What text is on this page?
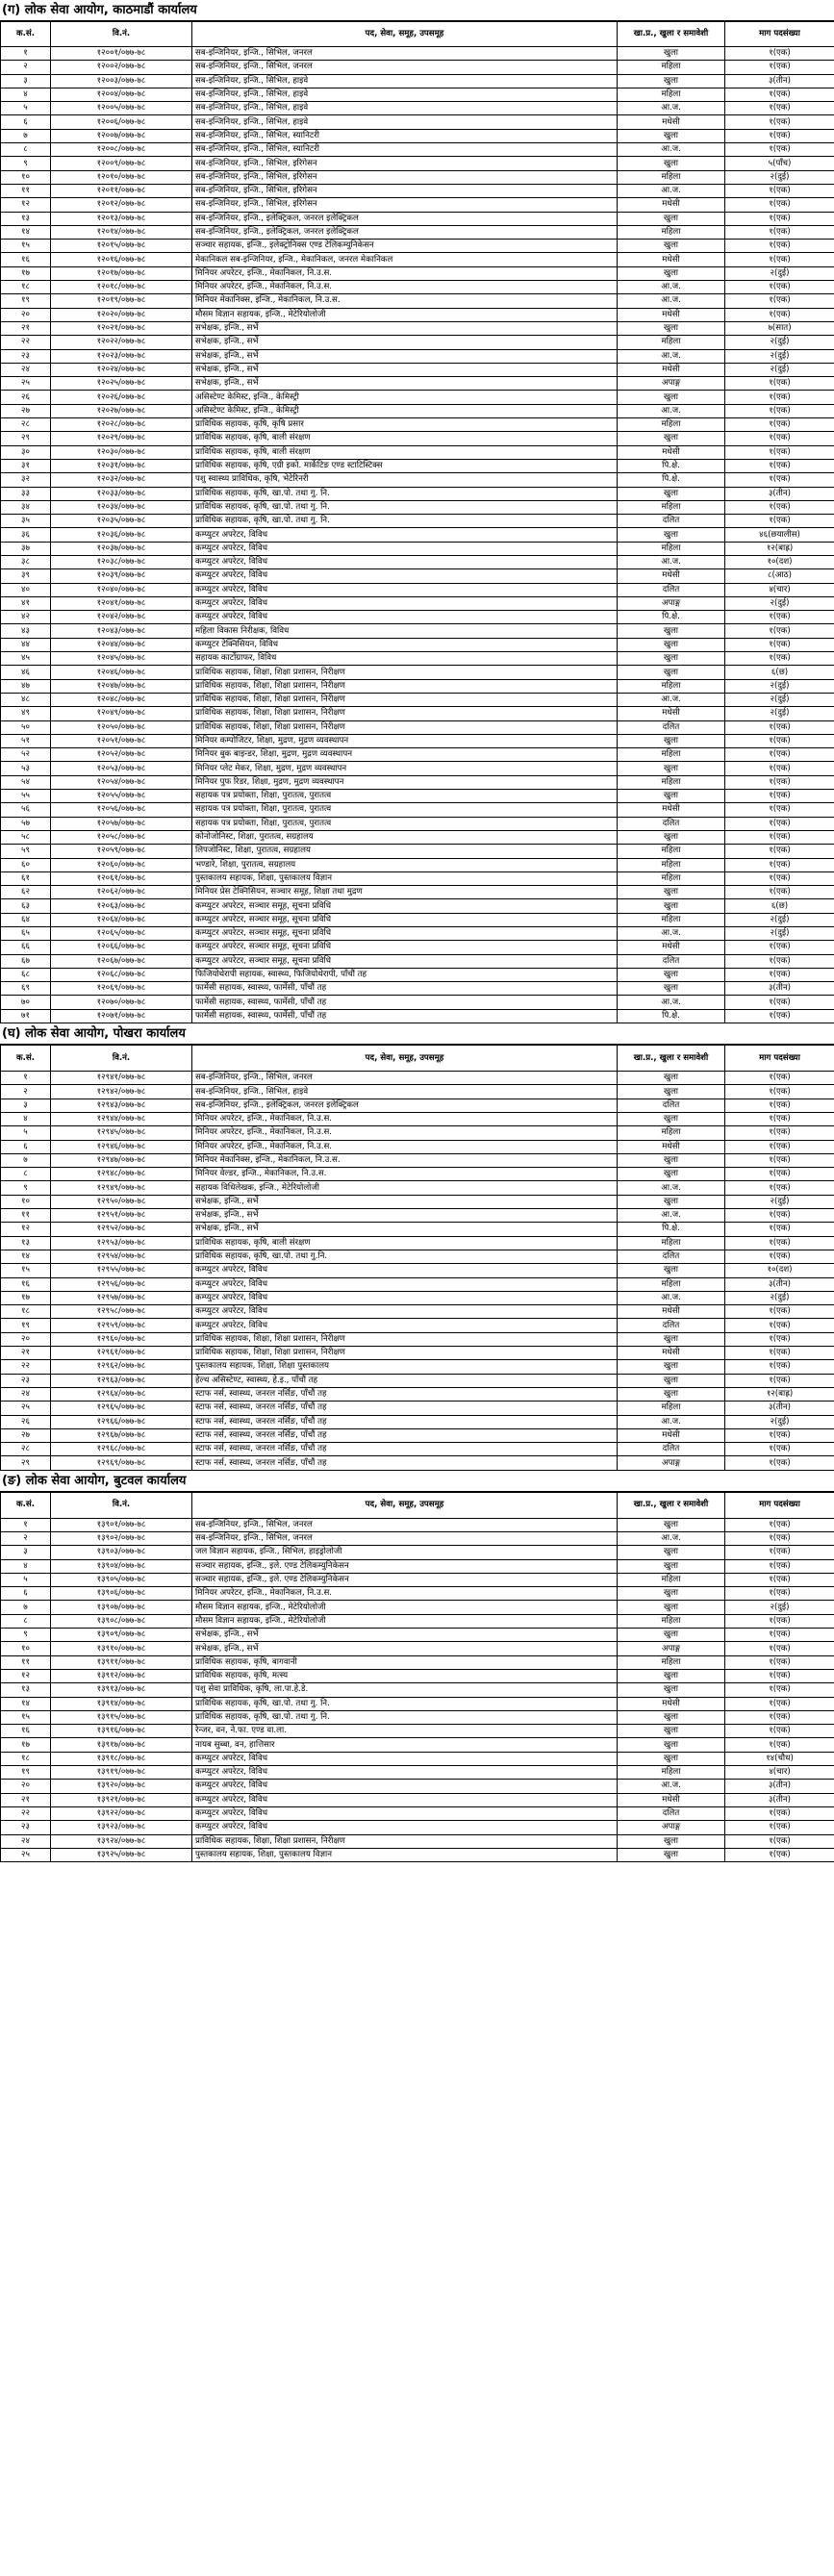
(ग) लोक सेवा आयोग, काठमाडौं कार्यालय
क.सं.	वि.नं.	पद, सेवा, समूह, उपसमूह	खा.प्र., खुला र समावेशी	माग पदसंख्या
१	१२००१/०७७-७८	सब-इन्जिनियर, इन्जि., सिभिल, जनरल	खुला	१(एक)
२	१२००२/०७७-७८	सब-इन्जिनियर, इन्जि., सिभिल, जनरल	महिला	१(एक)
३	१२००३/०७७-७८	सब-इन्जिनियर, इन्जि., सिभिल, हाइवे	खुला	३(तीन)
४	१२००४/०७७-७८	सब-इन्जिनियर, इन्जि., सिभिल, हाइवे	महिला	१(एक)
५	१२००५/०७७-७८	सब-इन्जिनियर, इन्जि., सिभिल, हाइवे	आ.ज.	१(एक)
६	१२००६/०७७-७८	सब-इन्जिनियर, इन्जि., सिभिल, हाइवे	मधेसी	१(एक)
७	१२००७/०७७-७८	सब-इन्जिनियर, इन्जि., सिभिल, स्यानिटरी	खुला	१(एक)
८	१२००८/०७७-७८	सब-इन्जिनियर, इन्जि., सिभिल, स्यानिटरी	आ.ज.	१(एक)
९	१२००९/०७७-७८	सब-इन्जिनियर, इन्जि., सिभिल, इरिगेसन	खुला	५(पाँच)
१०	१२०१०/०७७-७८	सब-इन्जिनियर, इन्जि., सिभिल, इरिगेसन	महिला	२(दुई)
११	१२०११/०७७-७८	सब-इन्जिनियर, इन्जि., सिभिल, इरिगेसन	आ.ज.	१(एक)
१२	१२०१२/०७७-७८	सब-इन्जिनियर, इन्जि., सिभिल, इरिगेसन	मधेसी	१(एक)
१३	१२०१३/०७७-७८	सब-इन्जिनियर, इन्जि., इलेक्ट्रिकल, जनरल इलेक्ट्रिकल	खुला	१(एक)
१४	१२०१४/०७७-७८	सब-इन्जिनियर, इन्जि., इलेक्ट्रिकल, जनरल इलेक्ट्रिकल	महिला	१(एक)
१५	१२०१५/०७७-७८	सञ्चार सहायक, इन्जि., इलेक्ट्रोनिक्स एण्ड टेलिकम्युनिकेसन	खुला	१(एक)
१६	१२०१६/०७७-७८	मेकानिकल सब-इन्जिनियर, इन्जि., मेकानिकल, जनरल मेकानिकल	मधेसी	१(एक)
१७	१२०१७/०७७-७८	मिनियर अपरेटर, इन्जि., मेकानिकल, नि.उ.स.	खुला	२(दुई)
१८	१२०१८/०७७-७८	मिनियर अपरेटर, इन्जि., मेकानिकल, नि.उ.स.	आ.ज.	१(एक)
१९	१२०१९/०७७-७८	मिनियर मेकानिक्स, इन्जि., मेकानिकल, नि.उ.स.	आ.ज.	१(एक)
२०	१२०२०/०७७-७८	मौसम विज्ञान सहायक, इन्जि., मेटेरियोलोजी	मधेसी	१(एक)
२१	१२०२१/०७७-७८	सभेक्षक, इन्जि., सर्भे	खुला	७(सात)
२२	१२०२२/०७७-७८	सभेक्षक, इन्जि., सर्भे	महिला	२(दुई)
२३	१२०२३/०७७-७८	सभेक्षक, इन्जि., सर्भे	आ.ज.	२(दुई)
२४	१२०२४/०७७-७८	सभेक्षक, इन्जि., सर्भे	मधेसी	२(दुई)
२५	१२०२५/०७७-७८	सभेक्षक, इन्जि., सर्भे	अपाङ्ग	१(एक)
२६	१२०२६/०७७-७८	असिस्टेण्ट केमिस्ट, इन्जि., केमिस्ट्री	खुला	१(एक)
२७	१२०२७/०७७-७८	असिस्टेण्ट केमिस्ट, इन्जि., केमिस्ट्री	आ.ज.	१(एक)
२८	१२०२८/०७७-७८	प्राविधिक सहायक, कृषि, कृषि प्रसार	महिला	१(एक)
२९	१२०२९/०७७-७८	प्राविधिक सहायक, कृषि, बाली संरक्षण	खुला	१(एक)
३०	१२०३०/०७७-७८	प्राविधिक सहायक, कृषि, बाली संरक्षण	मधेसी	१(एक)
३१	१२०३१/०७७-७८	प्राविधिक सहायक, कृषि, एग्री इको. मार्केटिङ एण्ड स्टाटिस्टिक्स	पि.क्षे.	१(एक)
३२	१२०३२/०७७-७८	पशु स्वास्थ्य प्राविधिक, कृषि, भेटेरिनरी	पि.क्षे.	१(एक)
३३	१२०३३/०७७-७८	प्राविधिक सहायक, कृषि, खा.पो. तथा गु. नि.	खुला	३(तीन)
३४	१२०३४/०७७-७८	प्राविधिक सहायक, कृषि, खा.पो. तथा गु. नि.	महिला	१(एक)
३५	१२०३५/०७७-७८	प्राविधिक सहायक, कृषि, खा.पो. तथा गु. नि.	दलित	१(एक)
३६	१२०३६/०७७-७८	कम्प्युटर अपरेटर, विविध	खुला	४६(छयालीस)
३७	१२०३७/०७७-७८	कम्प्युटर अपरेटर, विविध	महिला	१२(बाह्र)
३८	१२०३८/०७७-७८	कम्प्युटर अपरेटर, विविध	आ.ज.	१०(दश)
३९	१२०३९/०७७-७८	कम्प्युटर अपरेटर, विविध	मधेसी	८(आठ)
४०	१२०४०/०७७-७८	कम्प्युटर अपरेटर, विविध	दलित	४(चार)
४१	१२०४१/०७७-७८	कम्प्युटर अपरेटर, विविध	अपाङ्ग	२(दुई)
४२	१२०४२/०७७-७८	कम्प्युटर अपरेटर, विविध	पि.क्षे.	१(एक)
४३	१२०४३/०७७-७८	महिला विकास निरीक्षक, विविध	खुला	१(एक)
४४	१२०४४/०७७-७८	कम्प्युटर टेक्निसियन, विविध	खुला	१(एक)
४५	१२०४५/०७७-७८	सहायक कार्टोग्राफर, विविध	खुला	१(एक)
४६	१२०४६/०७७-७८	प्राविधिक सहायक, शिक्षा, शिक्षा प्रशासन, निरीक्षण	खुला	६(छ)
४७	१२०४७/०७७-७८	प्राविधिक सहायक, शिक्षा, शिक्षा प्रशासन, निरीक्षण	महिला	२(दुई)
४८	१२०४८/०७७-७८	प्राविधिक सहायक, शिक्षा, शिक्षा प्रशासन, निरीक्षण	आ.ज.	२(दुई)
४९	१२०४९/०७७-७८	प्राविधिक सहायक, शिक्षा, शिक्षा प्रशासन, निरीक्षण	मधेसी	२(दुई)
५०	१२०५०/०७७-७८	प्राविधिक सहायक, शिक्षा, शिक्षा प्रशासन, निरीक्षण	दलित	१(एक)
५१	१२०५१/०७७-७८	मिनियर कम्पोजिटर, शिक्षा, मुद्रण, मुद्रण व्यवस्थापन	खुला	१(एक)
५२	१२०५२/०७७-७८	मिनियर बुक बाइन्डर, शिक्षा, मुद्रण, मुद्रण व्यवस्थापन	महिला	१(एक)
५३	१२०५३/०७७-७८	मिनियर प्लेट मेकर, शिक्षा, मुद्रण, मुद्रण व्यवस्थापन	खुला	१(एक)
५४	१२०५४/०७७-७८	मिनियर पुफ रिडर, शिक्षा, मुद्रण, मुद्रण व्यवस्थापन	महिला	१(एक)
५५	१२०५५/०७७-७८	सहायक पत्र प्रयोक्ता, शिक्षा, पुरातत्व, पुरातत्व	खुला	१(एक)
५६	१२०५६/०७७-७८	सहायक पत्र प्रयोक्ता, शिक्षा, पुरातत्व, पुरातत्व	मधेसी	१(एक)
५७	१२०५७/०७७-७८	सहायक पत्र प्रयोक्ता, शिक्षा, पुरातत्व, पुरातत्व	दलित	१(एक)
५८	१२०५८/०७७-७८	कोनोजोनिस्ट, शिक्षा, पुरातत्व, सग्रहालय	खुला	१(एक)
५९	१२०५९/०७७-७८	लिपजोनिस्ट, शिक्षा, पुरातत्व, सग्रहालय	महिला	१(एक)
६०	१२०६०/०७७-७८	भण्डारे, शिक्षा, पुरातत्व, सग्रहालय	महिला	१(एक)
६१	१२०६१/०७७-७८	पुस्तकालय सहायक, शिक्षा, पुस्तकालय विज्ञान	महिला	१(एक)
६२	१२०६२/०७७-७८	मिनियर प्रेस टेक्निसियन, सञ्चार समूह, शिक्षा तथा मुद्रण	खुला	१(एक)
६३	१२०६३/०७७-७८	कम्प्युटर अपरेटर, सञ्चार समूह, सूचना प्रविधि	खुला	६(छ)
६४	१२०६४/०७७-७८	कम्प्युटर अपरेटर, सञ्चार समूह, सूचना प्रविधि	महिला	२(दुई)
६५	१२०६५/०७७-७८	कम्प्युटर अपरेटर, सञ्चार समूह, सूचना प्रविधि	आ.ज.	२(दुई)
६६	१२०६६/०७७-७८	कम्प्युटर अपरेटर, सञ्चार समूह, सूचना प्रविधि	मधेसी	१(एक)
६७	१२०६७/०७७-७८	कम्प्युटर अपरेटर, सञ्चार समूह, सूचना प्रविधि	दलित	१(एक)
६८	१२०६८/०७७-७८	फिजियोथेरापी सहायक, स्वास्थ्य, फिजियोथेरापी, पाँचौं तह	खुला	१(एक)
६९	१२०६९/०७७-७८	फार्मेसी सहायक, स्वास्थ्य, फार्मेसी, पाँचौं तह	खुला	३(तीन)
७०	१२०७०/०७७-७८	फार्मेसी सहायक, स्वास्थ्य, फार्मेसी, पाँचौं तह	आ.ज.	१(एक)
७१	१२०७१/०७७-७८	फार्मेसी सहायक, स्वास्थ्य, फार्मेसी, पाँचौं तह	पि.क्षे.	१(एक)
(घ) लोक सेवा आयोग, पोखरा कार्यालय
क.सं.	वि.नं.	पद, सेवा, समूह, उपसमूह	खा.प्र., खुला र समावेशी	माग पदसंख्या
१	१२९४१/०७७-७८	सब-इन्जिनियर, इन्जि., सिभिल, जनरल	खुला	१(एक)
२	१२९४२/०७७-७८	सब-इन्जिनियर, इन्जि., सिभिल, हाइवे	खुला	१(एक)
३	१२९४३/०७७-७८	सब-इन्जिनियर, इन्जि., इलेक्ट्रिकल, जनरल इलेक्ट्रिकल	दलित	१(एक)
४	१२९४४/०७७-७८	मिनियर अपरेटर, इन्जि., मेकानिकल, नि.उ.स.	खुला	१(एक)
५	१२९४५/०७७-७८	मिनियर अपरेटर, इन्जि., मेकानिकल, नि.उ.स.	महिला	१(एक)
६	१२९४६/०७७-७८	मिनियर अपरेटर, इन्जि., मेकानिकल, नि.उ.स.	मधेसी	१(एक)
७	१२९४७/०७७-७८	मिनियर मेकानिक्स, इन्जि., मेकानिकल, नि.उ.स.	खुला	१(एक)
८	१२९४८/०७७-७८	मिनियर वेल्डर, इन्जि., मेकानिकल, नि.उ.स.	खुला	१(एक)
९	१२९४९/०७७-७८	सहायक विधिलेखक, इन्जि., मेटेरियोलोजी	आ.ज.	१(एक)
१०	१२९५०/०७७-७८	सभेक्षक, इन्जि., सर्भे	खुला	२(दुई)
११	१२९५१/०७७-७८	सभेक्षक, इन्जि., सर्भे	आ.ज.	१(एक)
१२	१२९५२/०७७-७८	सभेक्षक, इन्जि., सर्भे	पि.क्षे.	१(एक)
१३	१२९५३/०७७-७८	प्राविधिक सहायक, कृषि, बाली संरक्षण	महिला	१(एक)
१४	१२९५४/०७७-७८	प्राविधिक सहायक, कृषि, खा.पो. तथा गु.नि.	दलित	१(एक)
१५	१२९५५/०७७-७८	कम्प्युटर अपरेटर, विविध	खुला	१०(दश)
१६	१२९५६/०७७-७८	कम्प्युटर अपरेटर, विविध	महिला	३(तीन)
१७	१२९५७/०७७-७८	कम्प्युटर अपरेटर, विविध	आ.ज.	२(दुई)
१८	१२९५८/०७७-७८	कम्प्युटर अपरेटर, विविध	मधेसी	१(एक)
१९	१२९५९/०७७-७८	कम्प्युटर अपरेटर, विविध	दलित	१(एक)
२०	१२९६०/०७७-७८	प्राविधिक सहायक, शिक्षा, शिक्षा प्रशासन, निरीक्षण	खुला	१(एक)
२१	१२९६१/०७७-७८	प्राविधिक सहायक, शिक्षा, शिक्षा प्रशासन, निरीक्षण	मधेसी	१(एक)
२२	१२९६२/०७७-७८	पुस्तकालय सहायक, शिक्षा, शिक्षा पुस्तकालय	खुला	१(एक)
२३	१२९६३/०७७-७८	हेल्थ असिस्टेण्ट, स्वास्थ्य, हे.इ., पाँचौं तह	खुला	१(एक)
२४	१२९६४/०७७-७८	स्टाफ नर्स, स्वास्थ्य, जनरल नर्सिङ, पाँचौं तह	खुला	१२(बाह्र)
२५	१२९६५/०७७-७८	स्टाफ नर्स, स्वास्थ्य, जनरल नर्सिङ, पाँचौं तह	महिला	३(तीन)
२६	१२९६६/०७७-७८	स्टाफ नर्स, स्वास्थ्य, जनरल नर्सिङ, पाँचौं तह	आ.ज.	२(दुई)
२७	१२९६७/०७७-७८	स्टाफ नर्स, स्वास्थ्य, जनरल नर्सिङ, पाँचौं तह	मधेसी	१(एक)
२८	१२९६८/०७७-७८	स्टाफ नर्स, स्वास्थ्य, जनरल नर्सिङ, पाँचौं तह	दलित	१(एक)
२९	१२९६९/०७७-७८	स्टाफ नर्स, स्वास्थ्य, जनरल नर्सिङ, पाँचौं तह	अपाङ्ग	१(एक)
(ङ) लोक सेवा आयोग, बुटवल कार्यालय
क.सं.	वि.नं.	पद, सेवा, समूह, उपसमूह	खा.प्र., खुला र समावेशी	माग पदसंख्या
१	१३९०१/०७७-७८	सब-इन्जिनियर, इन्जि., सिभिल, जनरल	खुला	१(एक)
२	१३९०२/०७७-७८	सब-इन्जिनियर, इन्जि., सिभिल, जनरल	आ.ज.	१(एक)
३	१३९०३/०७७-७८	जल विज्ञान सहायक, इन्जि., सिभिल, हाइड्रोलोजी	खुला	१(एक)
४	१३९०४/०७७-७८	सञ्चार सहायक, इन्जि., इले. एण्ड टेलिकम्युनिकेसन	खुला	१(एक)
५	१३९०५/०७७-७८	सञ्चार सहायक, इन्जि., इले. एण्ड टेलिकम्युनिकेसन	महिला	१(एक)
६	१३९०६/०७७-७८	मिनियर अपरेटर, इन्जि., मेकानिकल, नि.उ.स.	खुला	१(एक)
७	१३९०७/०७७-७८	मौसम विज्ञान सहायक, इन्जि., मेटेरियोलोजी	खुला	२(दुई)
८	१३९०८/०७७-७८	मौसम विज्ञान सहायक, इन्जि., मेटेरियोलोजी	महिला	१(एक)
९	१३९०९/०७७-७८	सभेक्षक, इन्जि., सर्भे	खुला	१(एक)
१०	१३९१०/०७७-७८	सभेक्षक, इन्जि., सर्भे	अपाङ्ग	१(एक)
११	१३९११/०७७-७८	प्राविधिक सहायक, कृषि, बागवानी	महिला	१(एक)
१२	१३९१२/०७७-७८	प्राविधिक सहायक, कृषि, मत्स्य	खुला	१(एक)
१३	१३९१३/०७७-७८	पशु सेवा प्राविधिक, कृषि, ला.पा.हे.डे.	खुला	१(एक)
१४	१३९१४/०७७-७८	प्राविधिक सहायक, कृषि, खा.पो. तथा गु. नि.	मधेसी	१(एक)
१५	१३९१५/०७७-७८	प्राविधिक सहायक, कृषि, खा.पो. तथा गु. नि.	खुला	१(एक)
१६	१३९१६/०७७-७८	रेन्जर, वन, ने.फा. एण्ड वा.ला.	खुला	१(एक)
१७	१३९१७/०७७-७८	नायब सुब्बा, वन, हात्तिसार	खुला	१(एक)
१८	१३९१८/०७७-७८	कम्प्युटर अपरेटर, विविध	खुला	१४(चौध)
१९	१३९१९/०७७-७८	कम्प्युटर अपरेटर, विविध	महिला	४(चार)
२०	१३९२०/०७७-७८	कम्प्युटर अपरेटर, विविध	आ.ज.	३(तीन)
२१	१३९२१/०७७-७८	कम्प्युटर अपरेटर, विविध	मधेसी	३(तीन)
२२	१३९२२/०७७-७८	कम्प्युटर अपरेटर, विविध	दलित	१(एक)
२३	१३९२३/०७७-७८	कम्प्युटर अपरेटर, विविध	अपाङ्ग	१(एक)
२४	१३९२४/०७७-७८	प्राविधिक सहायक, शिक्षा, शिक्षा प्रशासन, निरीक्षण	खुला	१(एक)
२५	१३९२५/०७७-७८	पुस्तकालय सहायक, शिक्षा, पुस्तकालय विज्ञान	खुला	१(एक)
